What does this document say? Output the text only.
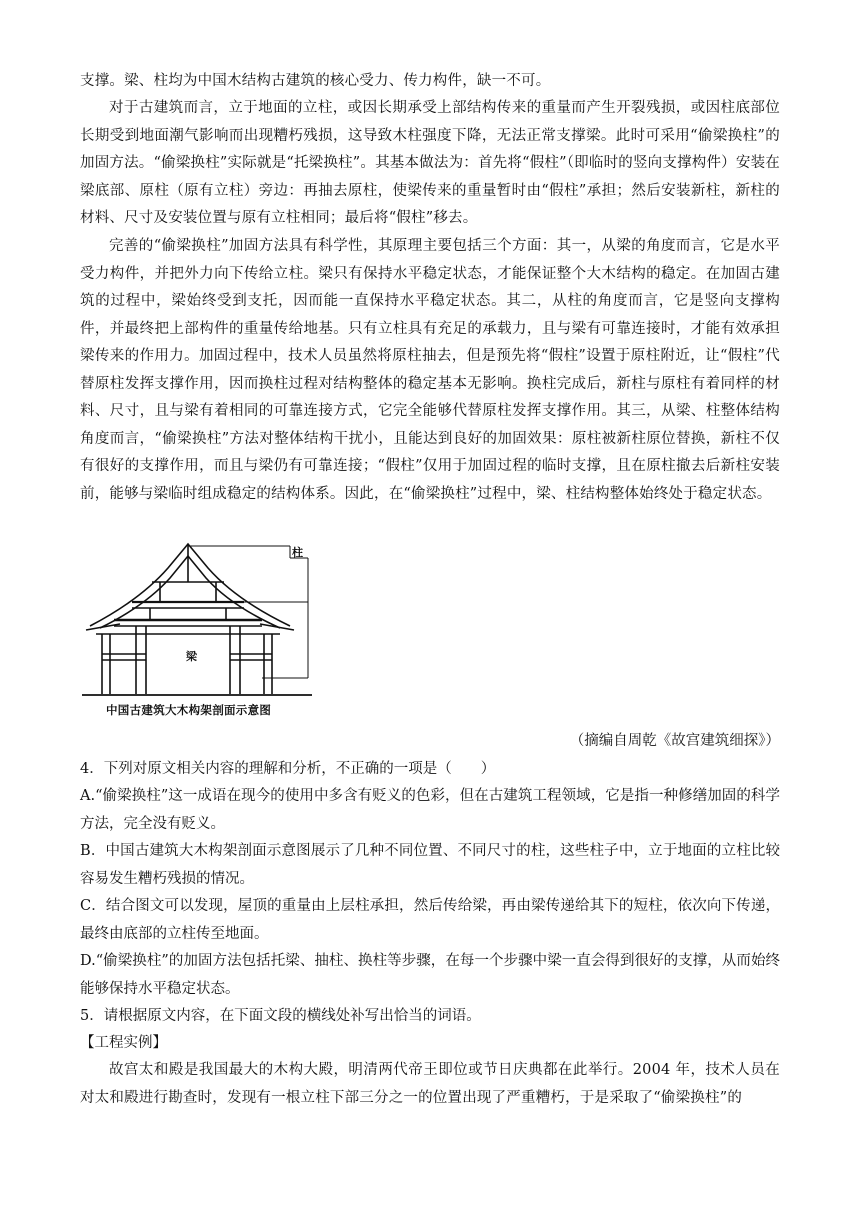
支撑。梁、柱均为中国木结构古建筑的核心受力、传力构件，缺一不可。

对于古建筑而言，立于地面的立柱，或因长期承受上部结构传来的重量而产生开裂残损，或因柱底部位长期受到地面潮气影响而出现糟朽残损，这导致木柱强度下降，无法正常支撑梁。此时可采用“偷梁换柱”的加固方法。“偷梁换柱”实际就是“托梁换柱”。其基本做法为：首先将“假柱”（即临时的竖向支撑构件）安装在梁底部、原柱（原有立柱）旁边：再抽去原柱，使梁传来的重量暂时由“假柱”承担；然后安装新柱，新柱的材料、尺寸及安装位置与原有立柱相同；最后将“假柱”移去。

完善的“偷梁换柱”加固方法具有科学性，其原理主要包括三个方面：其一，从梁的角度而言，它是水平受力构件，并把外力向下传给立柱。梁只有保持水平稳定状态，才能保证整个大木结构的稳定。在加固古建筑的过程中，梁始终受到支托，因而能一直保持水平稳定状态。其二，从柱的角度而言，它是竖向支撑构件，并最终把上部构件的重量传给地基。只有立柱具有充足的承载力，且与梁有可靠连接时，才能有效承担梁传来的作用力。加固过程中，技术人员虽然将原柱抽去，但是预先将“假柱”设置于原柱附近，让“假柱”代替原柱发挥支撑作用，因而换柱过程对结构整体的稳定基本无影响。换柱完成后，新柱与原柱有着同样的材料、尺寸，且与梁有着相同的可靠连接方式，它完全能够代替原柱发挥支撑作用。其三，从梁、柱整体结构角度而言，“偷梁换柱”方法对整体结构干扰小，且能达到良好的加固效果：原柱被新柱原位替换，新柱不仅有很好的支撑作用，而且与梁仍有可靠连接；“假柱”仅用于加固过程的临时支撑，且在原柱撤去后新柱安装前，能够与梁临时组成稳定的结构体系。因此，在“偷梁换柱”过程中，梁、柱结构整体始终处于稳定状态。

柱
梁
中国古建筑大木构架剖面示意图
（摘编自周乾《故宫建筑细探》）

4．下列对原文相关内容的理解和分析，不正确的一项是（　　）

A.“偷梁换柱”这一成语在现今的使用中多含有贬义的色彩，但在古建筑工程领域，它是指一种修缮加固的科学方法，完全没有贬义。

B．中国古建筑大木构架剖面示意图展示了几种不同位置、不同尺寸的柱，这些柱子中，立于地面的立柱比较容易发生糟朽残损的情况。

C．结合图文可以发现，屋顶的重量由上层柱承担，然后传给梁，再由梁传递给其下的短柱，依次向下传递，最终由底部的立柱传至地面。

D.“偷梁换柱”的加固方法包括托梁、抽柱、换柱等步骤，在每一个步骤中梁一直会得到很好的支撑，从而始终能够保持水平稳定状态。

5．请根据原文内容，在下面文段的横线处补写出恰当的词语。

【工程实例】

故宫太和殿是我国最大的木构大殿，明清两代帝王即位或节日庆典都在此举行。2004 年，技术人员在对太和殿进行勘查时，发现有一根立柱下部三分之一的位置出现了严重糟朽，于是采取了“偷梁换柱”的
